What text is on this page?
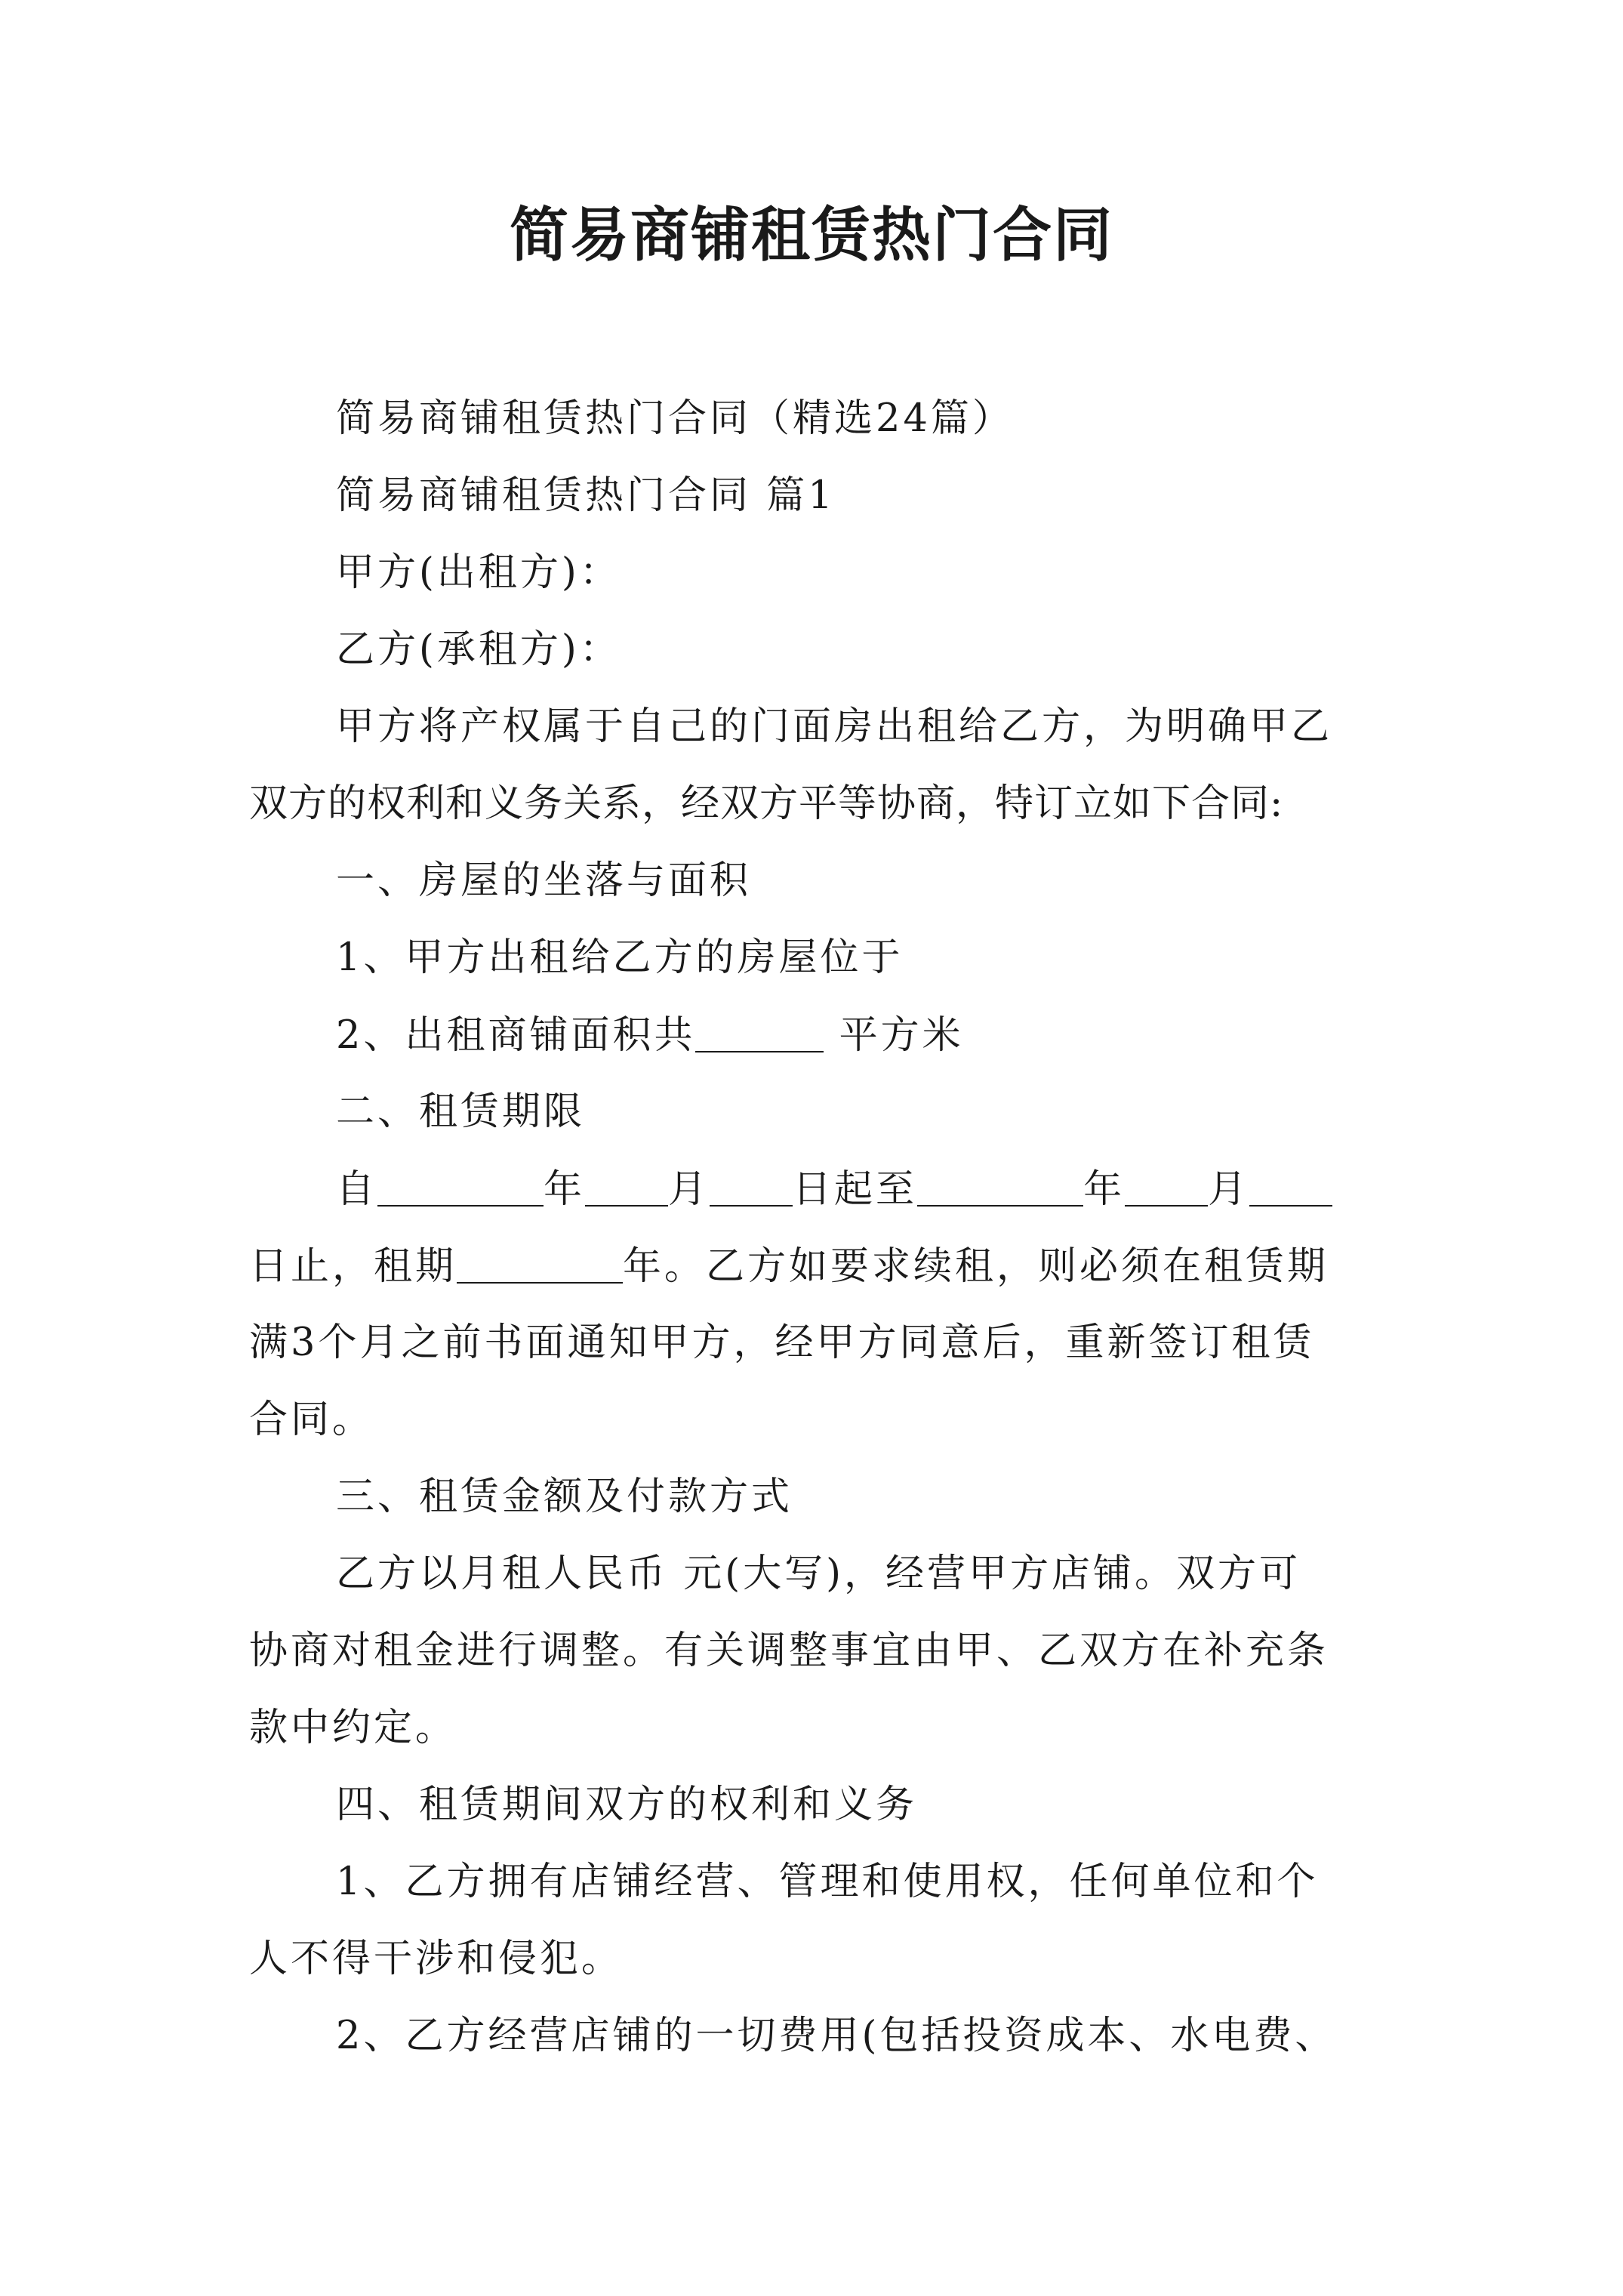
简易商铺租赁热门合同
简易商铺租赁热门合同（精选24篇）
简易商铺租赁热门合同 篇1
甲方(出租方)：
乙方(承租方)：
甲方将产权属于自己的门面房出租给乙方，为明确甲乙
双方的权利和义务关系，经双方平等协商，特订立如下合同:
一、房屋的坐落与面积
1、甲方出租给乙方的房屋位于
2、出租商铺面积共	平方米
二、租赁期限
自	年 月 日起至	年 月
日止，租期	年。乙方如要求续租，则必须在租赁期
满3个月之前书面通知甲方，经甲方同意后，重新签订租赁
合同。
三、租赁金额及付款方式
乙方以月租人民币 元(大写)，经营甲方店铺。双方可
协商对租金进行调整。有关调整事宜由甲、乙双方在补充条
款中约定。
四、租赁期间双方的权利和义务
1、乙方拥有店铺经营、管理和使用权，任何单位和个
人不得干涉和侵犯。
2、乙方经营店铺的一切费用(包括投资成本、水电费、
